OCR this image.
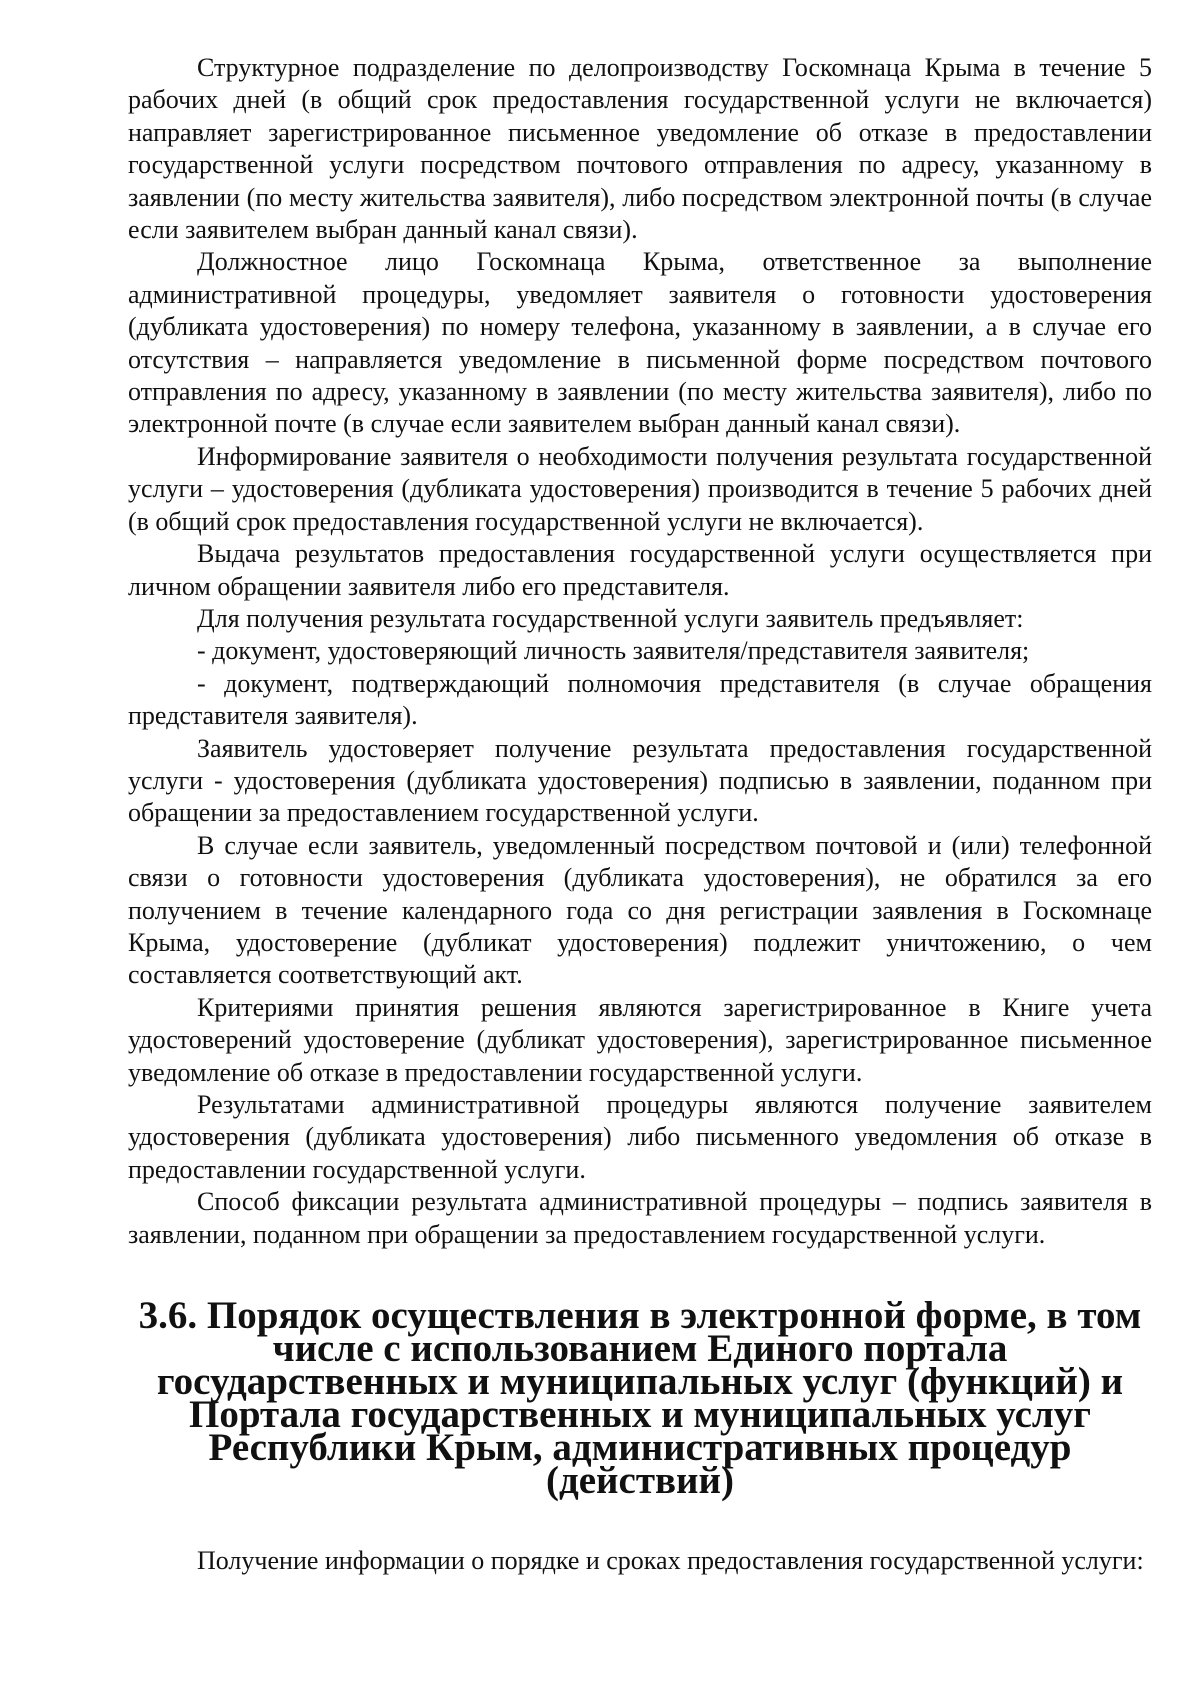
Структурное подразделение по делопроизводству Госкомнаца Крыма в течение 5 рабочих дней (в общий срок предоставления государственной услуги не включается) направляет зарегистрированное письменное уведомление об отказе в предоставлении государственной услуги посредством почтового отправления по адресу, указанному в заявлении (по месту жительства заявителя), либо посредством электронной почты (в случае если заявителем выбран данный канал связи).

Должностное лицо Госкомнаца Крыма, ответственное за выполнение административной процедуры, уведомляет заявителя о готовности удостоверения (дубликата удостоверения) по номеру телефона, указанному в заявлении, а в случае его отсутствия – направляется уведомление в письменной форме посредством почтового отправления по адресу, указанному в заявлении (по месту жительства заявителя), либо по электронной почте (в случае если заявителем выбран данный канал связи).

Информирование заявителя о необходимости получения результата государственной услуги – удостоверения (дубликата удостоверения) производится в течение 5 рабочих дней (в общий срок предоставления государственной услуги не включается).

Выдача результатов предоставления государственной услуги осуществляется при личном обращении заявителя либо его представителя.

Для получения результата государственной услуги заявитель предъявляет:

- документ, удостоверяющий личность заявителя/представителя заявителя;

- документ, подтверждающий полномочия представителя (в случае обращения представителя заявителя).

Заявитель удостоверяет получение результата предоставления государственной услуги - удостоверения (дубликата удостоверения) подписью в заявлении, поданном при обращении за предоставлением государственной услуги.

В случае если заявитель, уведомленный посредством почтовой и (или) телефонной связи о готовности удостоверения (дубликата удостоверения), не обратился за его получением в течение календарного года со дня регистрации заявления в Госкомнаце Крыма, удостоверение (дубликат удостоверения) подлежит уничтожению, о чем составляется соответствующий акт.

Критериями принятия решения являются зарегистрированное в Книге учета удостоверений удостоверение (дубликат удостоверения), зарегистрированное письменное уведомление об отказе в предоставлении государственной услуги.

Результатами административной процедуры являются получение заявителем удостоверения (дубликата удостоверения) либо письменного уведомления об отказе в предоставлении государственной услуги.

Способ фиксации результата административной процедуры – подпись заявителя в заявлении, поданном при обращении за предоставлением государственной услуги.

3.6. Порядок осуществления в электронной форме, в том числе с использованием Единого портала государственных и муниципальных услуг (функций) и Портала государственных и муниципальных услуг Республики Крым, административных процедур (действий)

Получение информации о порядке и сроках предоставления государственной услуги:
